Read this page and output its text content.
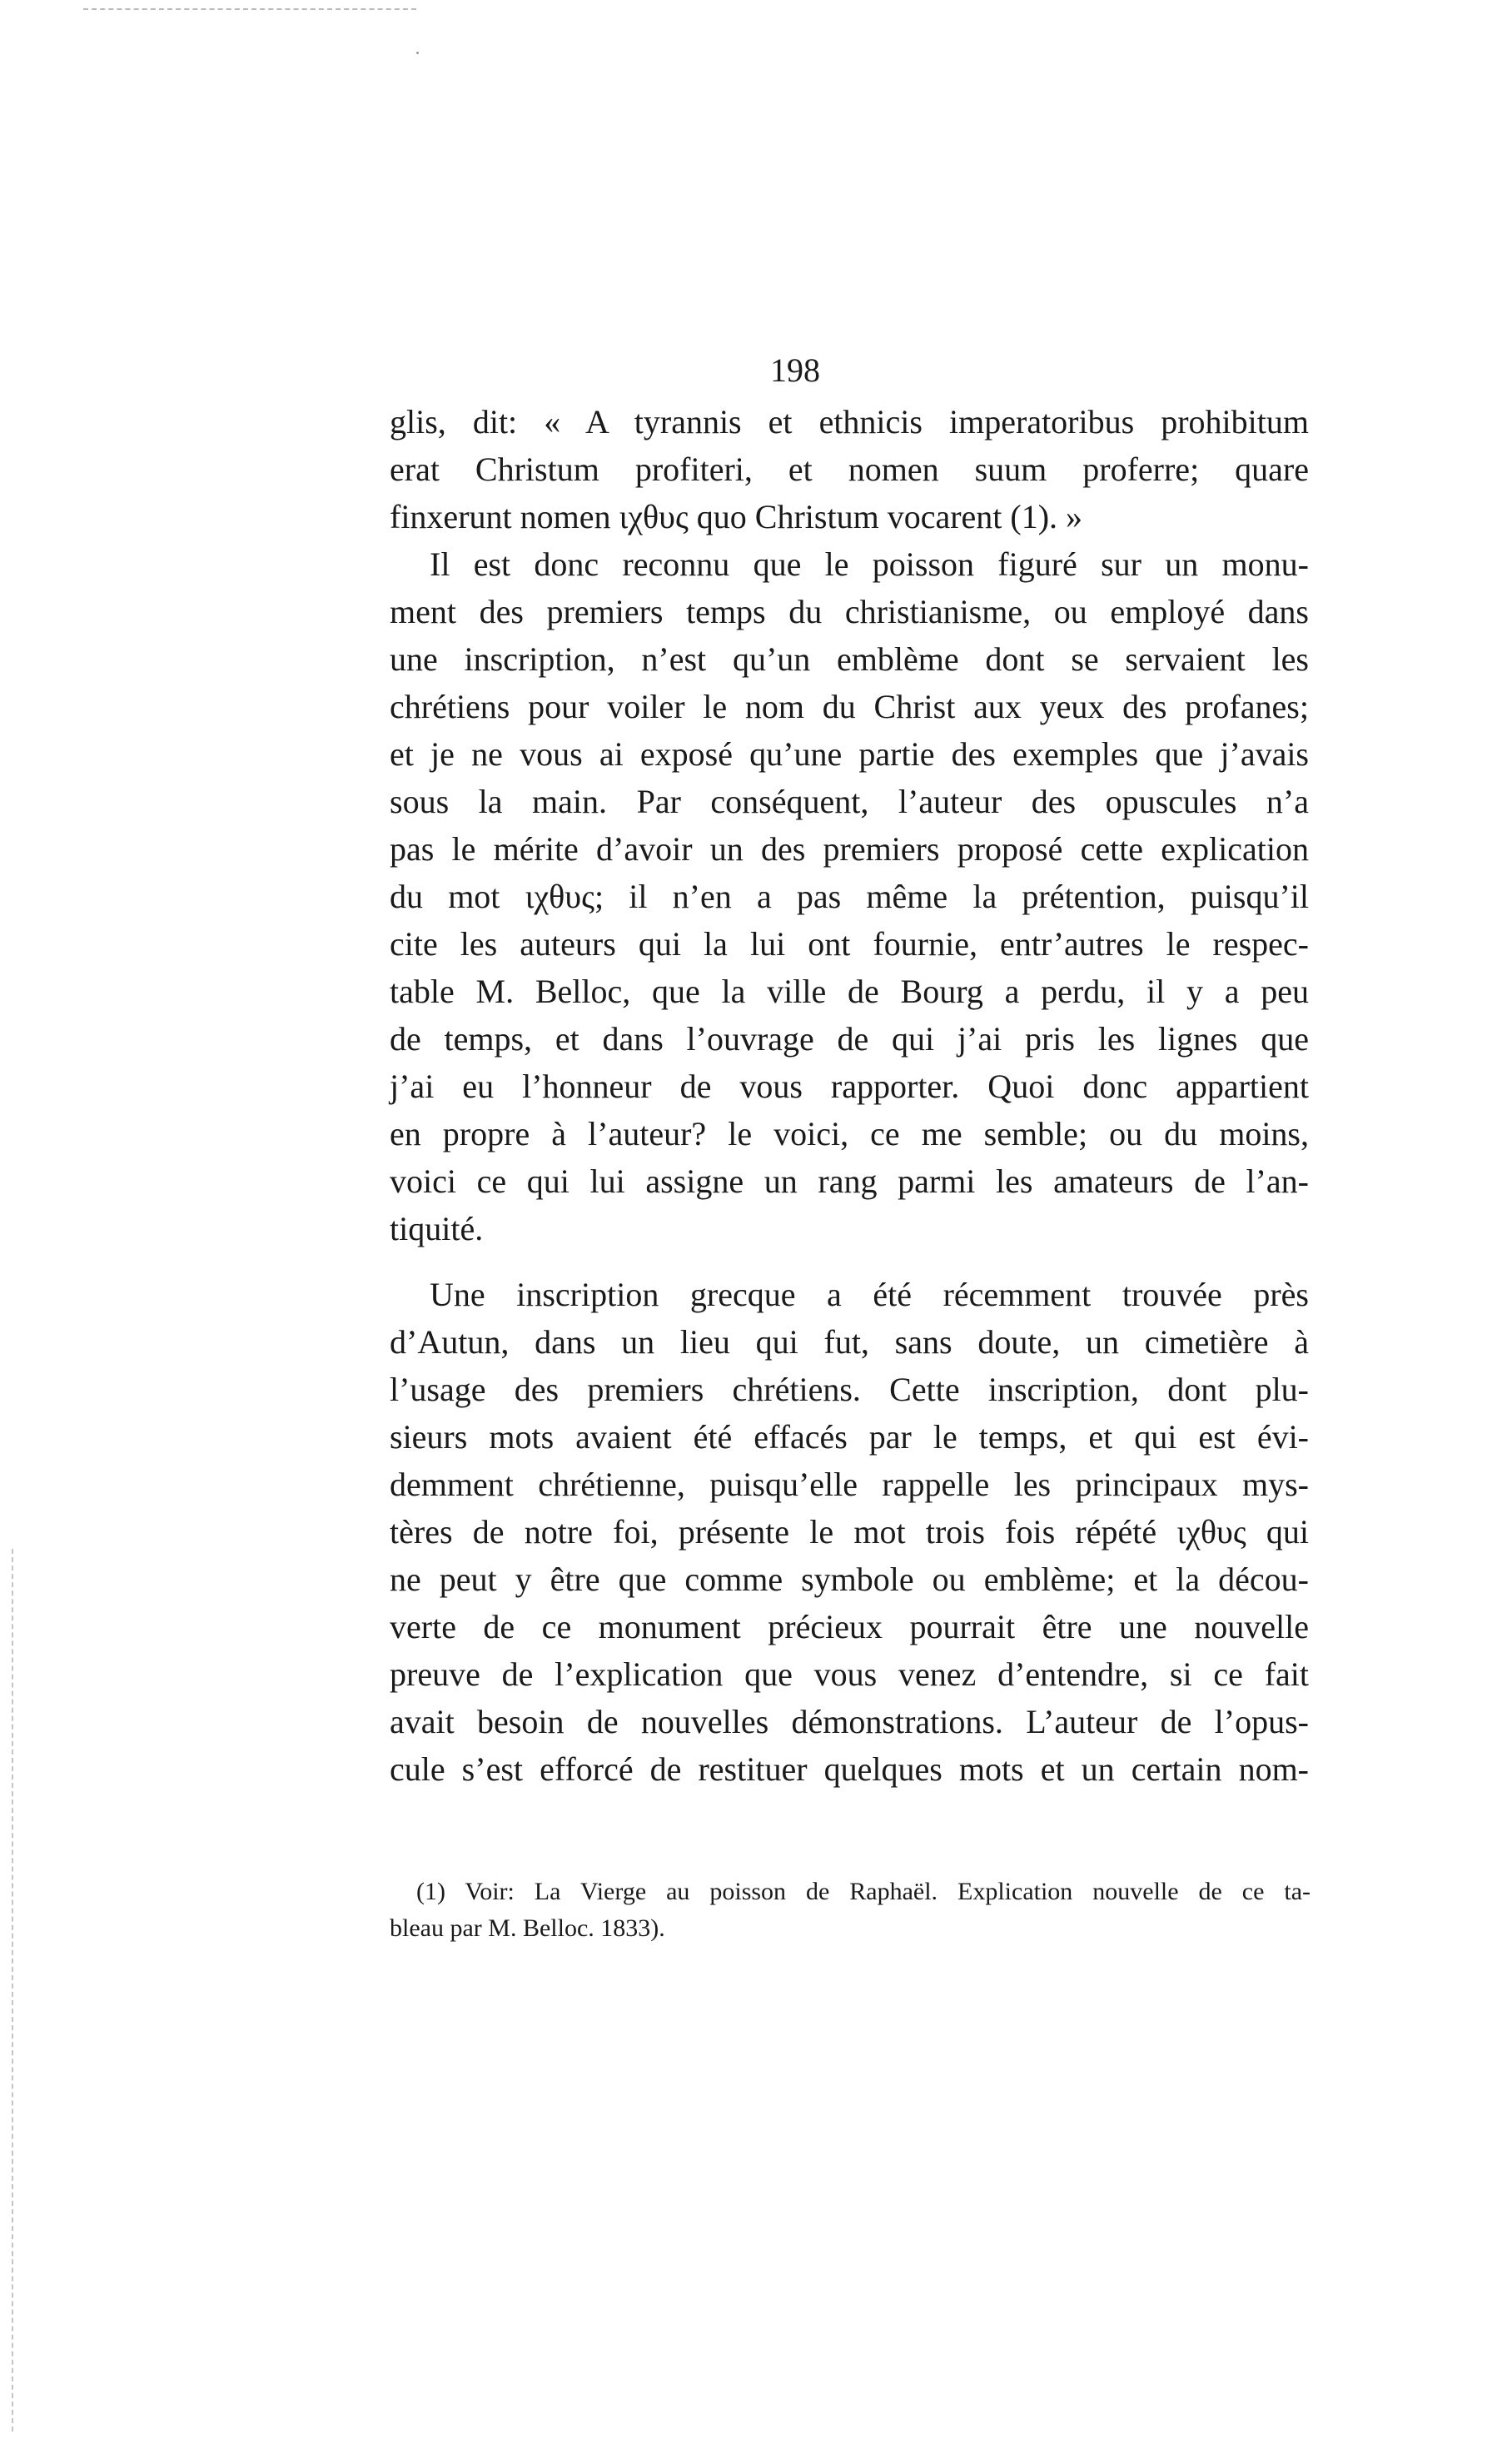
198
glis, dit: « A tyrannis et ethnicis imperatoribus prohibitum
erat Christum profiteri, et nomen suum proferre; quare
finxerunt nomen ιχθυς quo Christum vocarent (1). »
Il est donc reconnu que le poisson figuré sur un monu-
ment des premiers temps du christianisme, ou employé dans
une inscription, n’est qu’un emblème dont se servaient les
chrétiens pour voiler le nom du Christ aux yeux des profanes;
et je ne vous ai exposé qu’une partie des exemples que j’avais
sous la main. Par conséquent, l’auteur des opuscules n’a
pas le mérite d’avoir un des premiers proposé cette explication
du mot ιχθυς; il n’en a pas même la prétention, puisqu’il
cite les auteurs qui la lui ont fournie, entr’autres le respec-
table M. Belloc, que la ville de Bourg a perdu, il y a peu
de temps, et dans l’ouvrage de qui j’ai pris les lignes que
j’ai eu l’honneur de vous rapporter. Quoi donc appartient
en propre à l’auteur? le voici, ce me semble; ou du moins,
voici ce qui lui assigne un rang parmi les amateurs de l’an-
tiquité.
Une inscription grecque a été récemment trouvée près
d’Autun, dans un lieu qui fut, sans doute, un cimetière à
l’usage des premiers chrétiens. Cette inscription, dont plu-
sieurs mots avaient été effacés par le temps, et qui est évi-
demment chrétienne, puisqu’elle rappelle les principaux mys-
tères de notre foi, présente le mot trois fois répété ιχθυς qui
ne peut y être que comme symbole ou emblème; et la décou-
verte de ce monument précieux pourrait être une nouvelle
preuve de l’explication que vous venez d’entendre, si ce fait
avait besoin de nouvelles démonstrations. L’auteur de l’opus-
cule s’est efforcé de restituer quelques mots et un certain nom-
(1) Voir: La Vierge au poisson de Raphaël. Explication nouvelle de ce ta-
bleau par M. Belloc. 1833).
